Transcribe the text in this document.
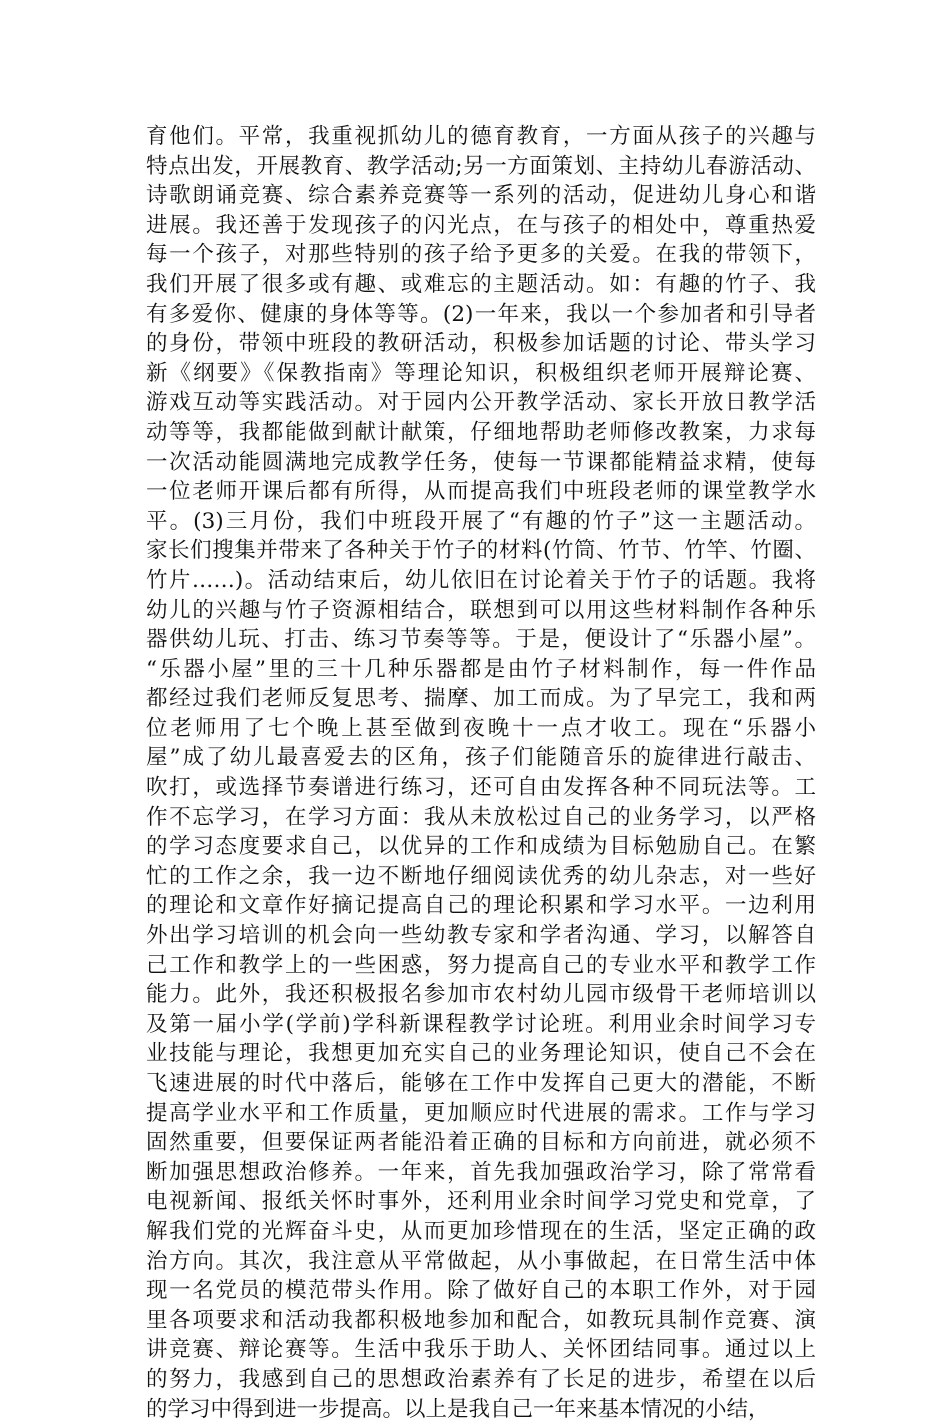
育他们。平常，我重视抓幼儿的德育教育，一方面从孩子的兴趣与
特点出发，开展教育、教学活动;另一方面策划、主持幼儿春游活动、
诗歌朗诵竞赛、综合素养竞赛等一系列的活动，促进幼儿身心和谐
进展。我还善于发现孩子的闪光点，在与孩子的相处中，尊重热爱
每一个孩子，对那些特别的孩子给予更多的关爱。在我的带领下，
我们开展了很多或有趣、或难忘的主题活动。如：有趣的竹子、我
有多爱你、健康的身体等等。(2)一年来，我以一个参加者和引导者
的身份，带领中班段的教研活动，积极参加话题的讨论、带头学习
新《纲要》《保教指南》等理论知识，积极组织老师开展辩论赛、
游戏互动等实践活动。对于园内公开教学活动、家长开放日教学活
动等等，我都能做到献计献策，仔细地帮助老师修改教案，力求每
一次活动能圆满地完成教学任务，使每一节课都能精益求精，使每
一位老师开课后都有所得，从而提高我们中班段老师的课堂教学水
平。(3)三月份，我们中班段开展了“有趣的竹子”这一主题活动。
家长们搜集并带来了各种关于竹子的材料(竹筒、竹节、竹竿、竹圈、
竹片……)。活动结束后，幼儿依旧在讨论着关于竹子的话题。我将
幼儿的兴趣与竹子资源相结合，联想到可以用这些材料制作各种乐
器供幼儿玩、打击、练习节奏等等。于是，便设计了“乐器小屋”。
“乐器小屋”里的三十几种乐器都是由竹子材料制作，每一件作品
都经过我们老师反复思考、揣摩、加工而成。为了早完工，我和两
位老师用了七个晚上甚至做到夜晚十一点才收工。现在“乐器小
屋”成了幼儿最喜爱去的区角，孩子们能随音乐的旋律进行敲击、
吹打，或选择节奏谱进行练习，还可自由发挥各种不同玩法等。工
作不忘学习，在学习方面：我从未放松过自己的业务学习，以严格
的学习态度要求自己，以优异的工作和成绩为目标勉励自己。在繁
忙的工作之余，我一边不断地仔细阅读优秀的幼儿杂志，对一些好
的理论和文章作好摘记提高自己的理论积累和学习水平。一边利用
外出学习培训的机会向一些幼教专家和学者沟通、学习，以解答自
己工作和教学上的一些困惑，努力提高自己的专业水平和教学工作
能力。此外，我还积极报名参加市农村幼儿园市级骨干老师培训以
及第一届小学(学前)学科新课程教学讨论班。利用业余时间学习专
业技能与理论，我想更加充实自己的业务理论知识，使自己不会在
飞速进展的时代中落后，能够在工作中发挥自己更大的潜能，不断
提高学业水平和工作质量，更加顺应时代进展的需求。工作与学习
固然重要，但要保证两者能沿着正确的目标和方向前进，就必须不
断加强思想政治修养。一年来，首先我加强政治学习，除了常常看
电视新闻、报纸关怀时事外，还利用业余时间学习党史和党章，了
解我们党的光辉奋斗史，从而更加珍惜现在的生活，坚定正确的政
治方向。其次，我注意从平常做起，从小事做起，在日常生活中体
现一名党员的模范带头作用。除了做好自己的本职工作外，对于园
里各项要求和活动我都积极地参加和配合，如教玩具制作竞赛、演
讲竞赛、辩论赛等。生活中我乐于助人、关怀团结同事。通过以上
的努力，我感到自己的思想政治素养有了长足的进步，希望在以后
的学习中得到进一步提高。以上是我自己一年来基本情况的小结，
